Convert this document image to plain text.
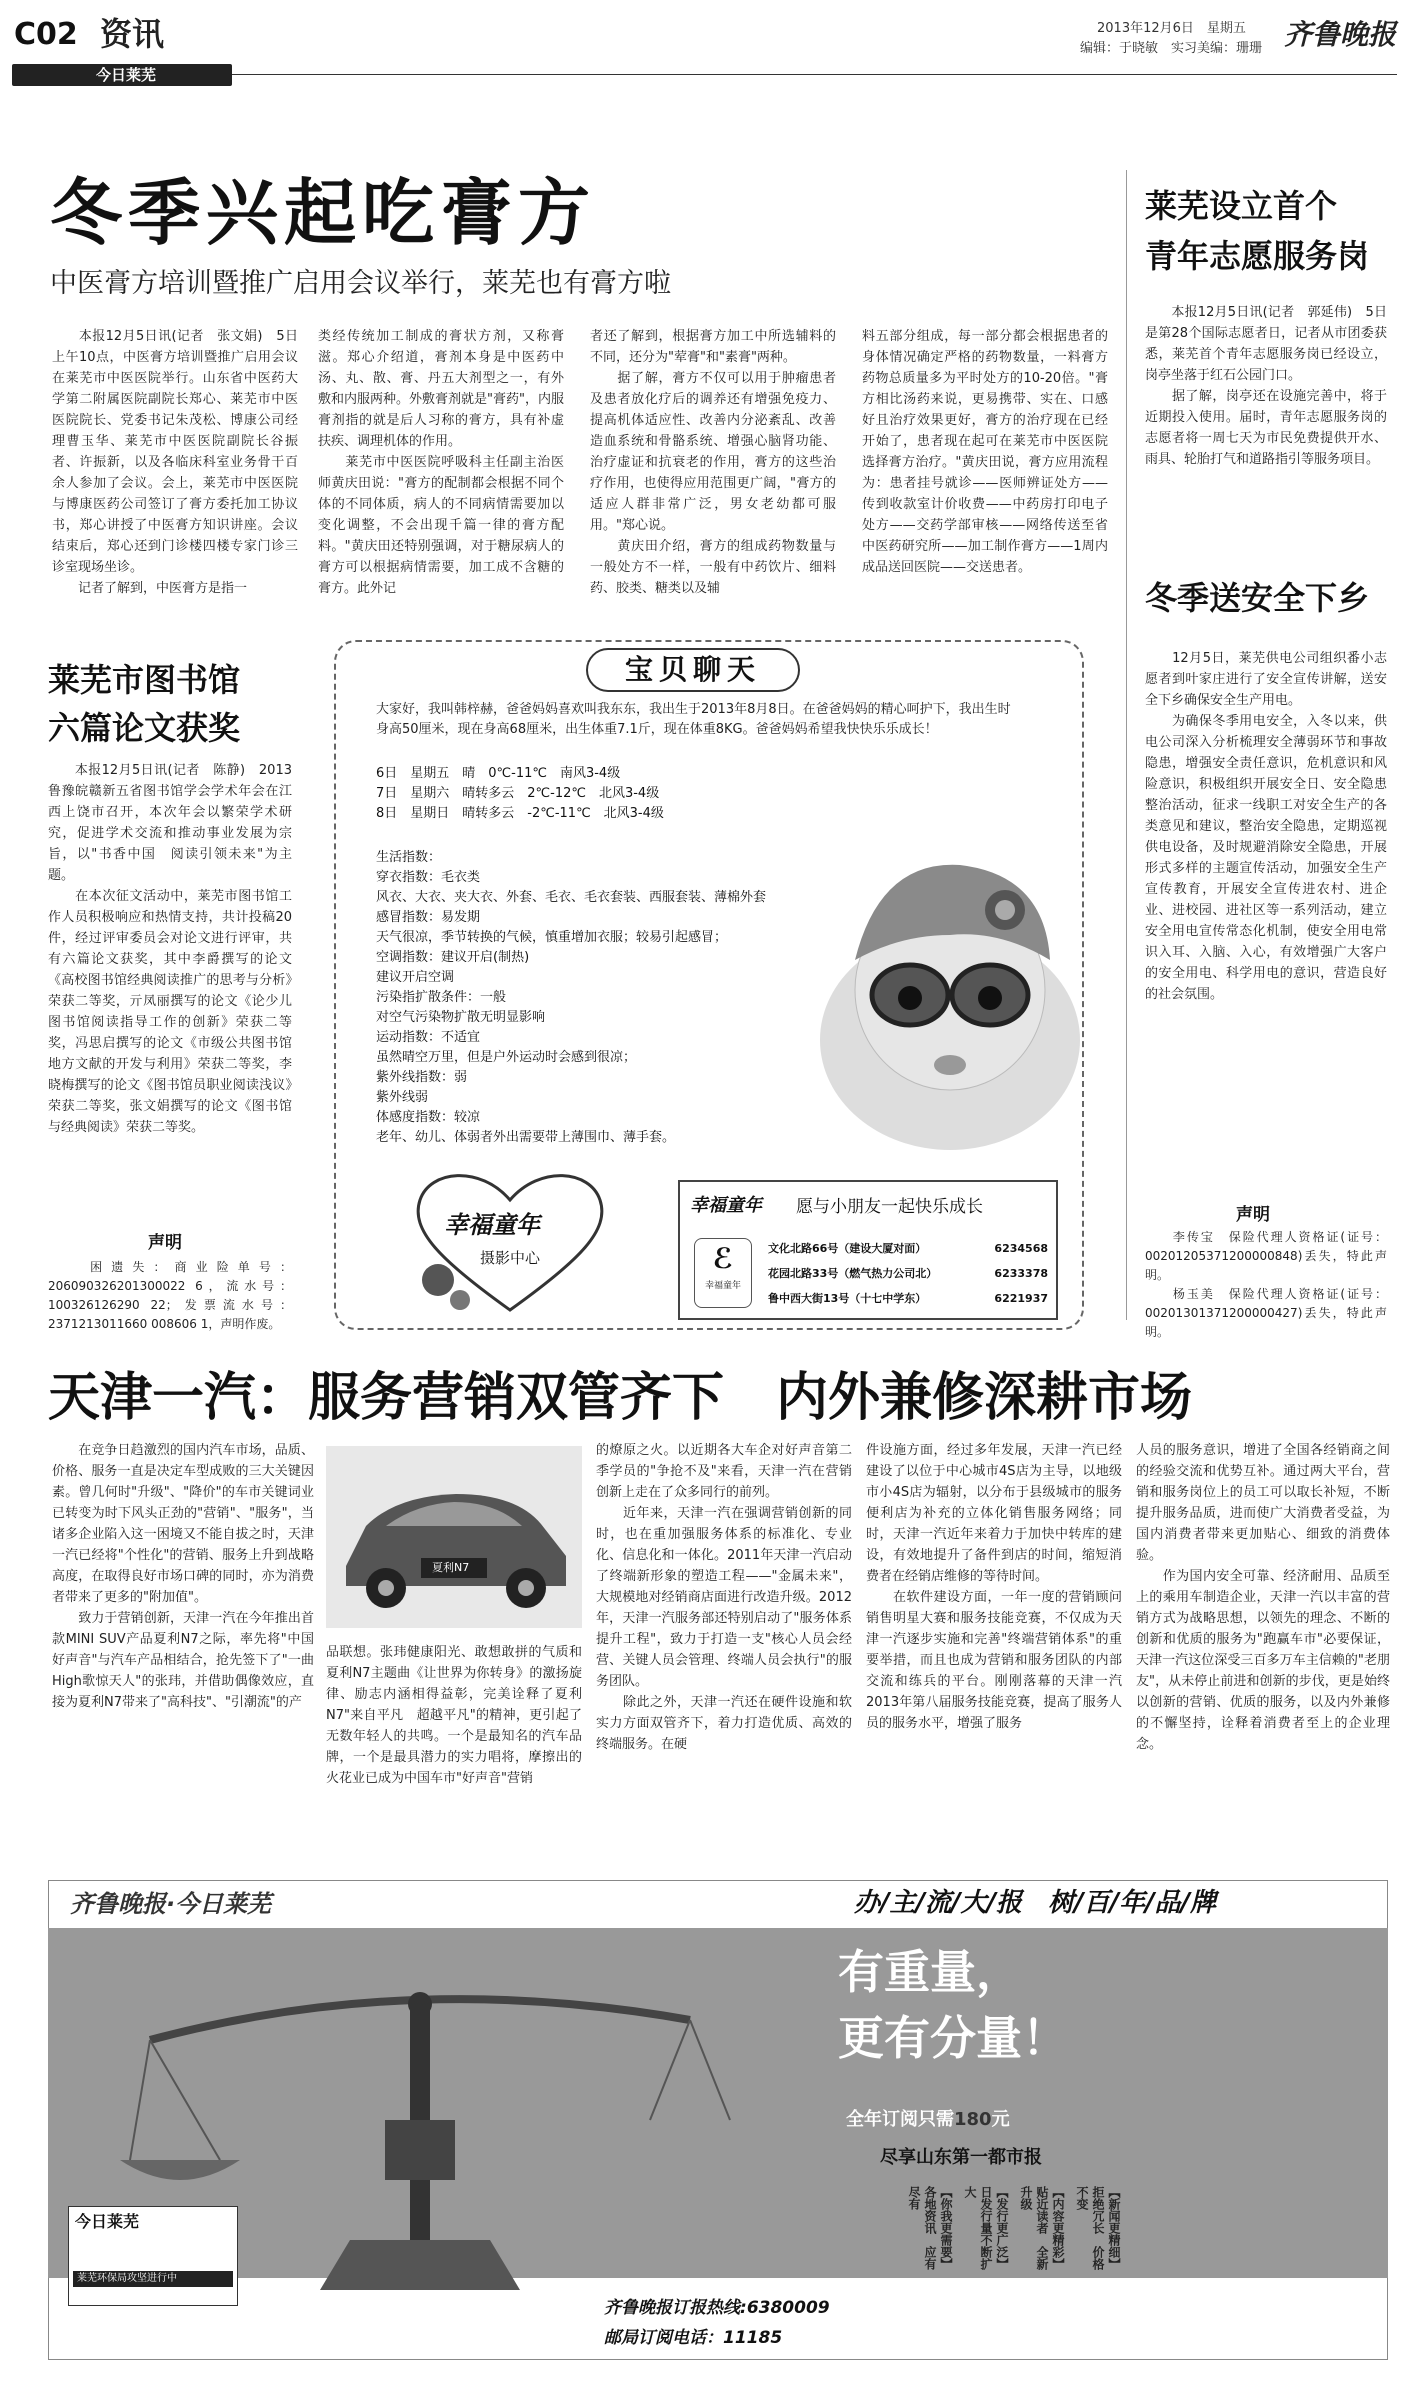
C02 资讯
今日莱芜
2013年12月6日　星期五
编辑：于晓敏　实习美编：珊珊 齐鲁晚报
冬季兴起吃膏方
中医膏方培训暨推广启用会议举行，莱芜也有膏方啦
　　本报12月5日讯(记者　张文娟)　5日上午10点，中医膏方培训暨推广启用会议在莱芜市中医医院举行。山东省中医药大学第二附属医院副院长郑心、莱芜市中医医院院长、党委书记朱茂松、博康公司经理曹玉华、莱芜市中医医院副院长谷振者、许振新，以及各临床科室业务骨干百余人参加了会议。会上，莱芜市中医医院与博康医药公司签订了膏方委托加工协议书，郑心讲授了中医膏方知识讲座。会议结束后，郑心还到门诊楼四楼专家门诊三诊室现场坐诊。
　　记者了解到，中医膏方是指一
类经传统加工制成的膏状方剂，又称膏滋。郑心介绍道，膏剂本身是中医药中汤、丸、散、膏、丹五大剂型之一，有外敷和内服两种。外敷膏剂就是"膏药"，内服膏剂指的就是后人习称的膏方，具有补虚扶疾、调理机体的作用。
　　莱芜市中医医院呼吸科主任副主治医师黄庆田说："膏方的配制都会根据不同个体的不同体质，病人的不同病情需要加以变化调整，不会出现千篇一律的膏方配料。"黄庆田还特别强调，对于糖尿病人的膏方可以根据病情需要，加工成不含糖的膏方。此外记
者还了解到，根据膏方加工中所选辅料的不同，还分为"荤膏"和"素膏"两种。
　　据了解，膏方不仅可以用于肿瘤患者及患者放化疗后的调养还有增强免疫力、提高机体适应性、改善内分泌紊乱、改善造血系统和骨骼系统、增强心脑肾功能、治疗虚证和抗衰老的作用，膏方的这些治疗作用，也使得应用范围更广阔，"膏方的适应人群非常广泛，男女老幼都可服用。"郑心说。
　　黄庆田介绍，膏方的组成药物数量与一般处方不一样，一般有中药饮片、细料药、胶类、糖类以及辅
料五部分组成，每一部分都会根据患者的身体情况确定严格的药物数量，一料膏方药物总质量多为平时处方的10-20倍。"膏方相比汤药来说，更易携带、实在、口感好且治疗效果更好，膏方的治疗现在已经开始了，患者现在起可在莱芜市中医医院选择膏方治疗。"黄庆田说，膏方应用流程为：患者挂号就诊——医师辨证处方——传到收款室计价收费——中药房打印电子处方——交药学部审核——网络传送至省中医药研究所——加工制作膏方——1周内成品送回医院——交送患者。
莱芜设立首个
青年志愿服务岗
　　本报12月5日讯(记者　郭延伟)　5日是第28个国际志愿者日，记者从市团委获悉，莱芜首个青年志愿服务岗已经设立，岗亭坐落于红石公园门口。
　　据了解，岗亭还在设施完善中，将于近期投入使用。届时，青年志愿服务岗的志愿者将一周七天为市民免费提供开水、雨具、轮胎打气和道路指引等服务项目。
冬季送安全下乡
　　12月5日，莱芜供电公司组织番小志愿者到叶家庄进行了安全宣传讲解，送安全下乡确保安全生产用电。
　　为确保冬季用电安全，入冬以来，供电公司深入分析梳理安全薄弱环节和事故隐患，增强安全责任意识，危机意识和风险意识，积极组织开展安全日、安全隐患整治活动，征求一线职工对安全生产的各类意见和建议，整治安全隐患，定期巡视供电设备，及时规避消除安全隐患，开展形式多样的主题宣传活动，加强安全生产宣传教育，开展安全宣传进农村、进企业、进校园、进社区等一系列活动，建立安全用电宣传常态化机制，使安全用电常识入耳、入脑、入心，有效增强广大客户的安全用电、科学用电的意识，营造良好的社会氛围。
声明
　　李传宝　保险代理人资格证(证号：00201205371200000848)丢失，特此声明。
　　杨玉美　保险代理人资格证(证号：00201301371200000427)丢失，特此声明。
莱芜市图书馆
六篇论文获奖
　　本报12月5日讯(记者　陈静)　2013鲁豫皖赣新五省图书馆学会学术年会在江西上饶市召开，本次年会以繁荣学术研究，促进学术交流和推动事业发展为宗旨，以"书香中国　阅读引领未来"为主题。
　　在本次征文活动中，莱芜市图书馆工作人员积极响应和热情支持，共计投稿20件，经过评审委员会对论文进行评审，共有六篇论文获奖，其中李爵撰写的论文《高校图书馆经典阅读推广的思考与分析》荣获二等奖，亓凤丽撰写的论文《论少儿图书馆阅读指导工作的创新》荣获二等奖，冯思启撰写的论文《市级公共图书馆地方文献的开发与利用》荣获二等奖，李晓梅撰写的论文《图书馆员职业阅读浅议》荣获二等奖，张文娟撰写的论文《图书馆与经典阅读》荣获二等奖。
声明
　　困遗失：商业险单号：206090326201300022 6，流水号：100326126290 22；发票流水号：2371213011660 008606 1，声明作废。
宝贝聊天
大家好，我叫韩梓赫，爸爸妈妈喜欢叫我东东，我出生于2013年8月8日。在爸爸妈妈的精心呵护下，我出生时身高50厘米，现在身高68厘米，出生体重7.1斤，现在体重8KG。爸爸妈妈希望我快快乐乐成长！
6日　星期五　晴　0℃-11℃　南风3-4级
7日　星期六　晴转多云　2℃-12℃　北风3-4级
8日　星期日　晴转多云　-2℃-11℃　北风3-4级
生活指数：
穿衣指数：毛衣类
风衣、大衣、夹大衣、外套、毛衣、毛衣套装、西服套装、薄棉外套
感冒指数：易发期
天气很凉，季节转换的气候，慎重增加衣服；较易引起感冒；
空调指数：建议开启(制热)
建议开启空调
污染指扩散条件：一般
对空气污染物扩散无明显影响
运动指数：不适宜
虽然晴空万里，但是户外运动时会感到很凉；
紫外线指数：弱
紫外线弱
体感度指数：较凉
老年、幼儿、体弱者外出需要带上薄围巾、薄手套。
幸福童年
摄影中心
幸福童年 愿与小朋友一起快乐成长
ℰ
幸福童年
文化北路66号（建设大厦对面）	6234568
花园北路33号（燃气热力公司北）	6233378
鲁中西大街13号（十七中学东）	6221937
天津一汽：服务营销双管齐下　内外兼修深耕市场
　　在竞争日趋激烈的国内汽车市场，品质、价格、服务一直是决定车型成败的三大关键因素。曾几何时"升级"、"降价"的车市关键词业已转变为时下风头正劲的"营销"、"服务"，当诸多企业陷入这一困境又不能自拔之时，天津一汽已经将"个性化"的营销、服务上升到战略高度，在取得良好市场口碑的同时，亦为消费者带来了更多的"附加值"。
　　致力于营销创新，天津一汽在今年推出首款MINI SUV产品夏利N7之际，率先将"中国好声音"与汽车产品相结合，抢先签下了"一曲High歌惊天人"的张玮，并借助偶像效应，直接为夏利N7带来了"高科技"、"引潮流"的产
夏利N7
品联想。张玮健康阳光、敢想敢拼的气质和夏利N7主题曲《让世界为你转身》的激扬旋律、励志内涵相得益彰，完美诠释了夏利N7"来自平凡　超越平凡"的精神，更引起了无数年轻人的共鸣。一个是最知名的汽车品牌，一个是最具潜力的实力唱将，摩擦出的火花业已成为中国车市"好声音"营销
的燎原之火。以近期各大车企对好声音第二季学员的"争抢不及"来看，天津一汽在营销创新上走在了众多同行的前列。
　　近年来，天津一汽在强调营销创新的同时，也在重加强服务体系的标准化、专业化、信息化和一体化。2011年天津一汽启动了终端新形象的塑造工程——"金属未来"，大规模地对经销商店面进行改造升级。2012年，天津一汽服务部还特别启动了"服务体系提升工程"，致力于打造一支"核心人员会经营、关键人员会管理、终端人员会执行"的服务团队。
　　除此之外，天津一汽还在硬件设施和软实力方面双管齐下，着力打造优质、高效的终端服务。在硬
件设施方面，经过多年发展，天津一汽已经建设了以位于中心城市4S店为主导，以地级市小4S店为辐射，以分布于县级城市的服务便利店为补充的立体化销售服务网络；同时，天津一汽近年来着力于加快中转库的建设，有效地提升了备件到店的时间，缩短消费者在经销店维修的等待时间。
　　在软件建设方面，一年一度的营销顾问销售明星大赛和服务技能竞赛，不仅成为天津一汽逐步实施和完善"终端营销体系"的重要举措，而且也成为营销和服务团队的内部交流和练兵的平台。刚刚落幕的天津一汽2013年第八届服务技能竞赛，提高了服务人员的服务水平，增强了服务
人员的服务意识，增进了全国各经销商之间的经验交流和优势互补。通过两大平台，营销和服务岗位上的员工可以取长补短，不断提升服务品质，进而使广大消费者受益，为国内消费者带来更加贴心、细致的消费体验。
　　作为国内安全可靠、经济耐用、品质至上的乘用车制造企业，天津一汽以丰富的营销方式为战略思想，以领先的理念、不断的创新和优质的服务为"跑赢车市"必要保证，天津一汽这位深受三百多万车主信赖的"老朋友"，从未停止前进和创新的步伐，更是始终以创新的营销、优质的服务，以及内外兼修的不懈坚持，诠释着消费者至上的企业理念。
齐鲁晚报·今日莱芜	办/主/流/大/报　树/百/年/品/牌
有重量，
更有分量！
全年订阅只需180元
尽享山东第一都市报
【新闻更精细】拒绝冗长　价格不变
【内容更精彩】贴近读者　全新升级
【发行更广泛】日发行量不断扩大
【你我更需要】各地资讯　应有尽有
今日莱芜
莱芜环保局攻坚进行中
齐鲁晚报订报热线:6380009
邮局订阅电话：11185
